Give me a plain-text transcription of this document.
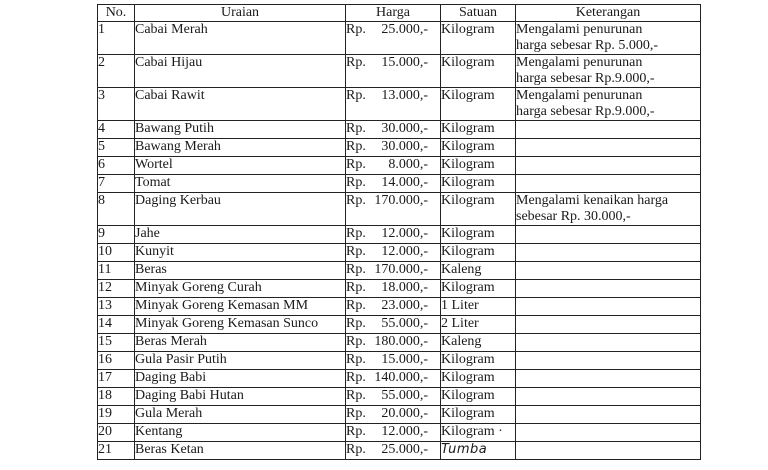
No.	Uraian	Harga	Satuan	Keterangan
1	Cabai Merah	Rp. 25.000,-	Kilogram	Mengalami penurunan
harga sebesar Rp. 5.000,-

2	Cabai Hijau	Rp. 15.000,-	Kilogram	Mengalami penurunan
harga sebesar Rp.9.000,-

3	Cabai Rawit	Rp. 13.000,-	Kilogram	Mengalami penurunan
harga sebesar Rp.9.000,-

4	Bawang Putih	Rp. 30.000,-	Kilogram	
5	Bawang Merah	Rp. 30.000,-	Kilogram	
6	Wortel	Rp. 8.000,-	Kilogram	
7	Tomat	Rp. 14.000,-	Kilogram	
8	Daging Kerbau	Rp. 170.000,-	Kilogram	Mengalami kenaikan harga
sebesar Rp. 30.000,-

9	Jahe	Rp. 12.000,-	Kilogram	
10	Kunyit	Rp. 12.000,-	Kilogram	
11	Beras	Rp. 170.000,-	Kaleng	
12	Minyak Goreng Curah	Rp. 18.000,-	Kilogram	
13	Minyak Goreng Kemasan MM	Rp. 23.000,-	1 Liter	
14	Minyak Goreng Kemasan Sunco	Rp. 55.000,-	2 Liter	
15	Beras Merah	Rp. 180.000,-	Kaleng	
16	Gula Pasir Putih	Rp. 15.000,-	Kilogram	
17	Daging Babi	Rp. 140.000,-	Kilogram	
18	Daging Babi Hutan	Rp. 55.000,-	Kilogram	
19	Gula Merah	Rp. 20.000,-	Kilogram	
20	Kentang	Rp. 12.000,-	Kilogram ·	
21	Beras Ketan	Rp. 25.000,-	Tumba	
